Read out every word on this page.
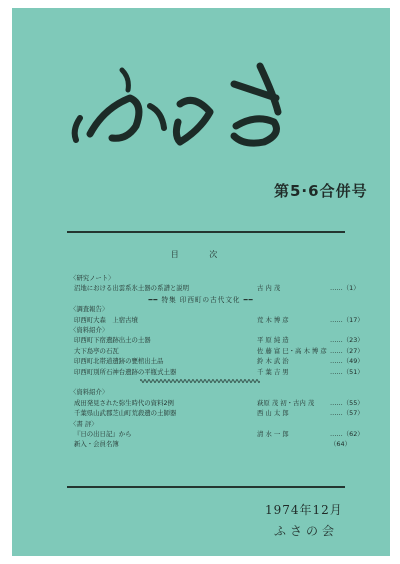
第5·6合併号
目 次
〈研究ノート〉
沼地における出雲系氷土器の系譜と説明	古 内 茂	……（1）
━━ 特集 印西町の古代文化 ━━
〈調査報告〉
印西町大森　上宿古墳	荒 木 博 彦	……（17）
〈資料紹介〉
印西町下宿遺跡出土の土器	平 原 純 造	……（23）
大下島亭の石瓦	佐 藤 富 巳・高 木 博 彦 ……（27）
印西町北帯道遺跡の甕棺出土品	鈴 木 武 治	……（49）
印西町別所石神台遺跡の平瓶式土器	千 葉 吉 男	……（51）
〈資料紹介〉
成田発見された弥生時代の資料2例	萩原 茂 初・古内 茂 ……（55）
千葉県山武郡芝山町荒殺遺の土師器	西 山 太 郎	……（57）
〈書 評〉
『日の出日記』から	清 水 一 郎	……（62）
新入・会員名簿	（64）
1974年12月
ふさの会
